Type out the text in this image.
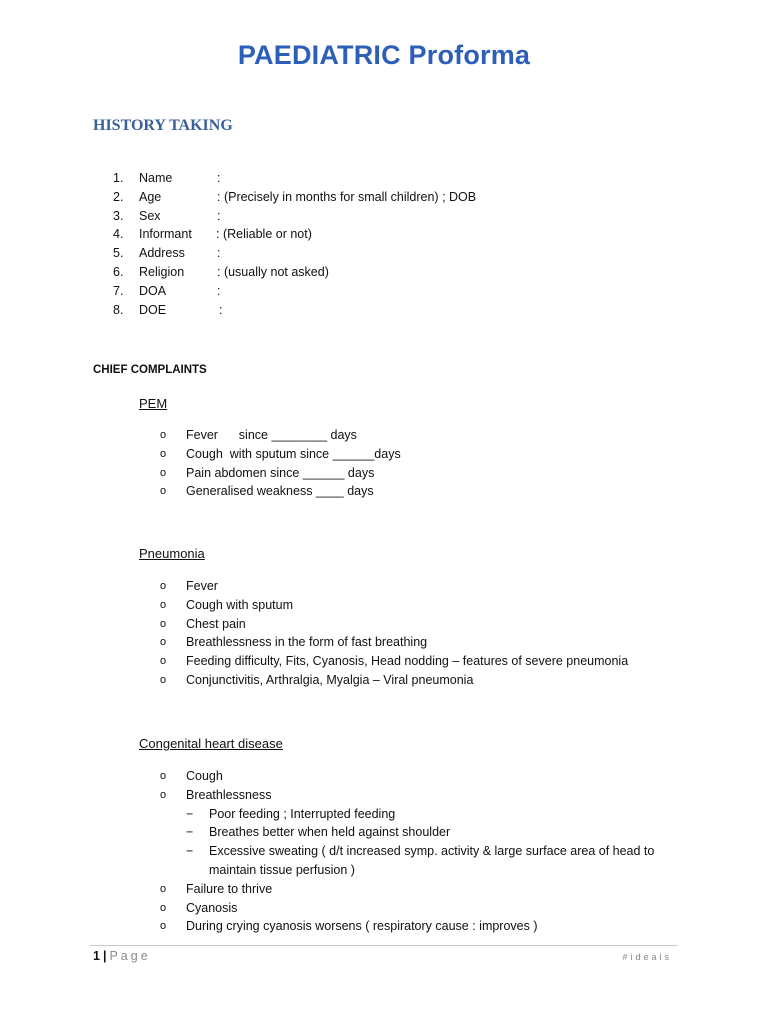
PAEDIATRIC Proforma
HISTORY TAKING
1.	Name	:
2.	Age	: (Precisely in months for small children) ; DOB
3.	Sex	:
4.	Informant : (Reliable or not)
5.	Address	:
6.	Religion	: (usually not asked)
7.	DOA	:
8.	DOE	:
CHIEF COMPLAINTS
PEM
o	Fever      since ________ days
o	Cough  with sputum since ______days
o	Pain abdomen since ______ days
o	Generalised weakness ____ days
Pneumonia
o	Fever
o	Cough with sputum
o	Chest pain
o	Breathlessness in the form of fast breathing
o	Feeding difficulty, Fits, Cyanosis, Head nodding – features of severe pneumonia
o	Conjunctivitis, Arthralgia, Myalgia – Viral pneumonia
Congenital heart disease
o	Cough
o	Breathlessness
− Poor feeding ; Interrupted feeding
− Breathes better when held against shoulder
− Excessive sweating ( d/t increased symp. activity & large surface area of head to maintain tissue perfusion )
o	Failure to thrive
o	Cyanosis
o	During crying cyanosis worsens ( respiratory cause : improves )
1 | Page	#ideals
